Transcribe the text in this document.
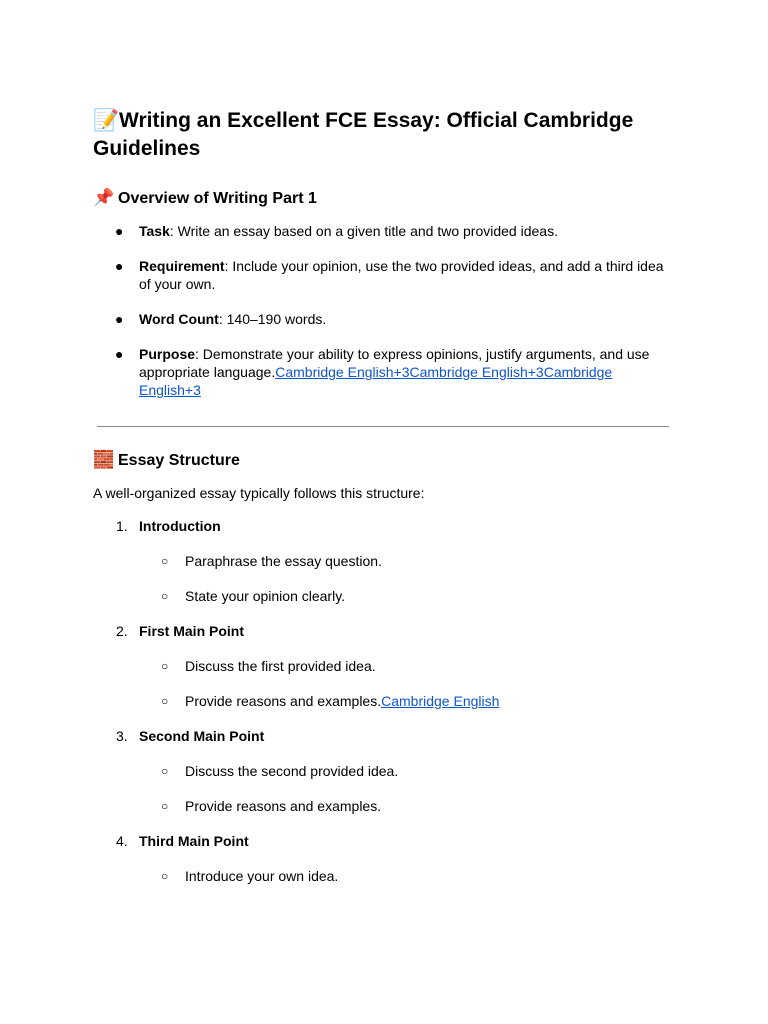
📝Writing an Excellent FCE Essay: Official Cambridge Guidelines
📌 Overview of Writing Part 1
● Task: Write an essay based on a given title and two provided ideas.
● Requirement: Include your opinion, use the two provided ideas, and add a third idea of your own.
● Word Count: 140–190 words.
● Purpose: Demonstrate your ability to express opinions, justify arguments, and use appropriate language.Cambridge English+3Cambridge English+3Cambridge English+3
🧱 Essay Structure

A well-organized essay typically follows this structure:

1. Introduction
○ Paraphrase the essay question.
○ State your opinion clearly.
2. First Main Point
○ Discuss the first provided idea.
○ Provide reasons and examples.Cambridge English
3. Second Main Point
○ Discuss the second provided idea.
○ Provide reasons and examples.
4. Third Main Point
○ Introduce your own idea.
